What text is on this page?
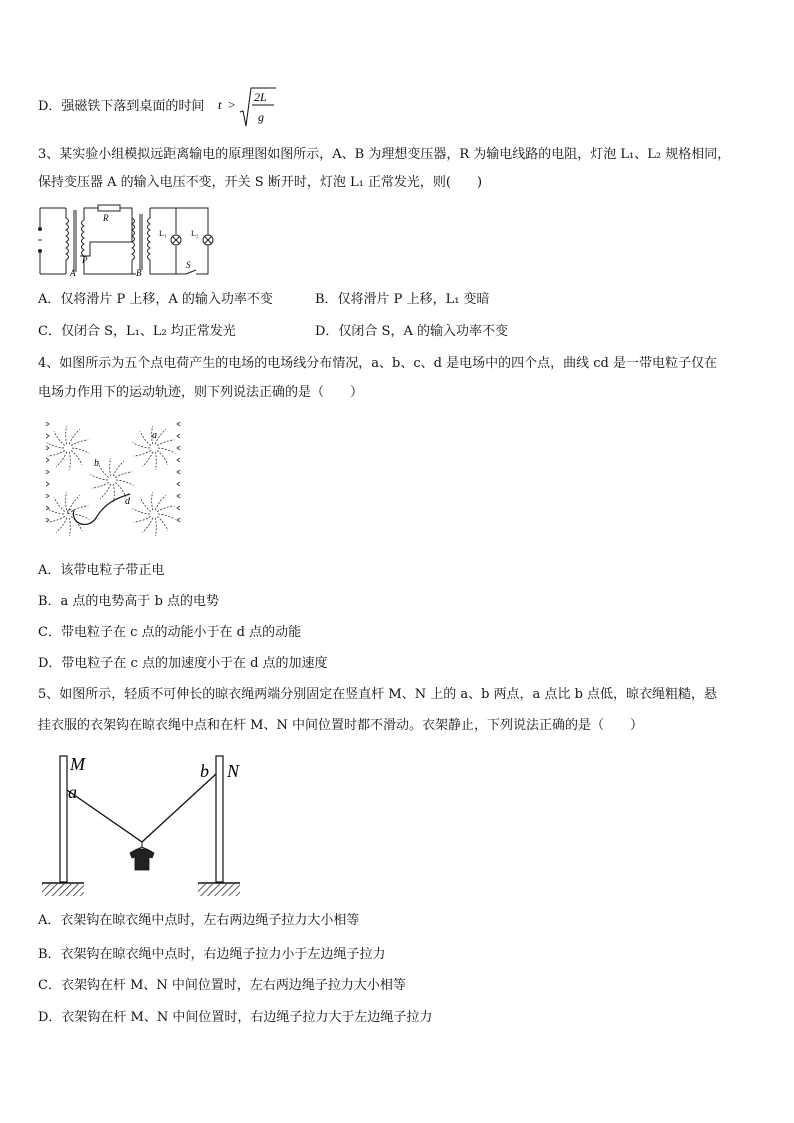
D．强磁铁下落到桌面的时间 t > 2L
g
3、某实验小组模拟远距离输电的原理图如图所示，A、B 为理想变压器，R 为输电线路的电阻，灯泡 L₁、L₂ 规格相同，
保持变压器 A 的输入电压不变，开关 S 断开时，灯泡 L₁ 正常发光，则(　　)
R
P
A	B
L₁	L₂
S
A．仅将滑片 P 上移，A 的输入功率不变	B．仅将滑片 P 上移，L₁ 变暗
C．仅闭合 S，L₁、L₂ 均正常发光	D．仅闭合 S，A 的输入功率不变
4、如图所示为五个点电荷产生的电场的电场线分布情况，a、b、c、d 是电场中的四个点，曲线 cd 是一带电粒子仅在
电场力作用下的运动轨迹，则下列说法正确的是（　　）
a
b
c
d
A．该带电粒子带正电
B．a 点的电势高于 b 点的电势
C．带电粒子在 c 点的动能小于在 d 点的动能
D．带电粒子在 c 点的加速度小于在 d 点的加速度
5、如图所示，轻质不可伸长的晾衣绳两端分别固定在竖直杆 M、N 上的 a、b 两点，a 点比 b 点低，晾衣绳粗糙，悬
挂衣服的衣架钩在晾衣绳中点和在杆 M、N 中间位置时都不滑动。衣架静止，下列说法正确的是（　　）
M	N
a
b
A．衣架钩在晾衣绳中点时，左右两边绳子拉力大小相等
B．衣架钩在晾衣绳中点时，右边绳子拉力小于左边绳子拉力
C．衣架钩在杆 M、N 中间位置时，左右两边绳子拉力大小相等
D．衣架钩在杆 M、N 中间位置时，右边绳子拉力大于左边绳子拉力
